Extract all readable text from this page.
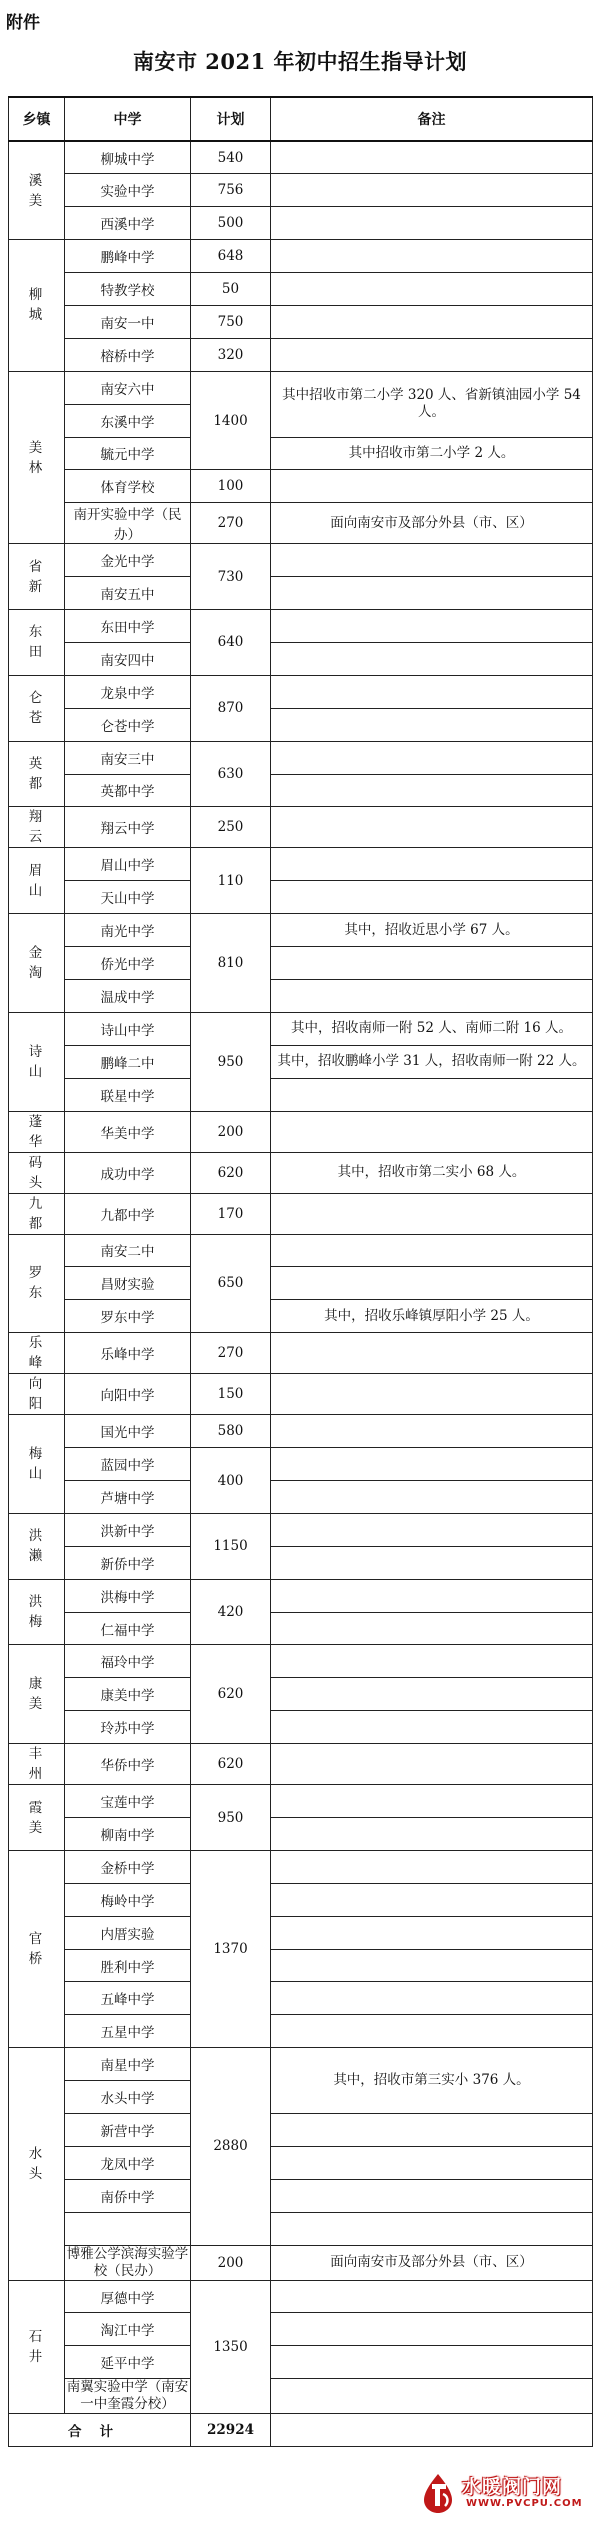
附件
南安市 2021 年初中招生指导计划
乡镇	中学	计划	备注
溪美	柳城中学	540	
	实验中学	756	
	西溪中学	500	
柳城	鹏峰中学	648	
	特教学校	50	
	南安一中	750	
	榕桥中学	320	
美林	南安六中	1400	其中招收市第二小学 320 人、省新镇油园小学 54 人。
	东溪中学		
	毓元中学		其中招收市第二小学 2 人。
	体育学校	100	
	南开实验中学（民办）	270	面向南安市及部分外县（市、区）
省新	金光中学	730	
	南安五中		
东田	东田中学	640	
	南安四中		
仑苍	龙泉中学	870	
	仑苍中学		
英都	南安三中	630	
	英都中学		
翔云	翔云中学	250	
眉山	眉山中学	110	
	天山中学		
金淘	南光中学	810	其中，招收近思小学 67 人。
	侨光中学		
	温成中学		
诗山	诗山中学	950	其中，招收南师一附 52 人、南师二附 16 人。
	鹏峰二中		其中，招收鹏峰小学 31 人，招收南师一附 22 人。
	联星中学		
蓬华	华美中学	200	
码头	成功中学	620	其中，招收市第二实小 68 人。
九都	九都中学	170	
罗东	南安二中	650	
	昌财实验		
	罗东中学		其中，招收乐峰镇厚阳小学 25 人。
乐峰	乐峰中学	270	
向阳	向阳中学	150	
梅山	国光中学	580	
	蓝园中学	400	
	芦塘中学		
洪濑	洪新中学	1150	
	新侨中学		
洪梅	洪梅中学	420	
	仁福中学		
康美	福玲中学	620	
	康美中学		
	玲苏中学		
丰州	华侨中学	620	
霞美	宝莲中学	950	
	柳南中学		
官桥	金桥中学	1370	
	梅岭中学		
	内厝实验		
	胜利中学		
	五峰中学		
	五星中学		
水头	南星中学	2880	其中，招收市第三实小 376 人。
	水头中学		
	新营中学		
	龙凤中学		
	南侨中学		

	博雅公学滨海实验学校（民办）	200	面向南安市及部分外县（市、区）
石井	厚德中学	1350	
	淘江中学		
	延平中学		
	南翼实验中学（南安一中奎霞分校）		
合计		22924	
水暖阀门网
WWW.PVCPU.COM
